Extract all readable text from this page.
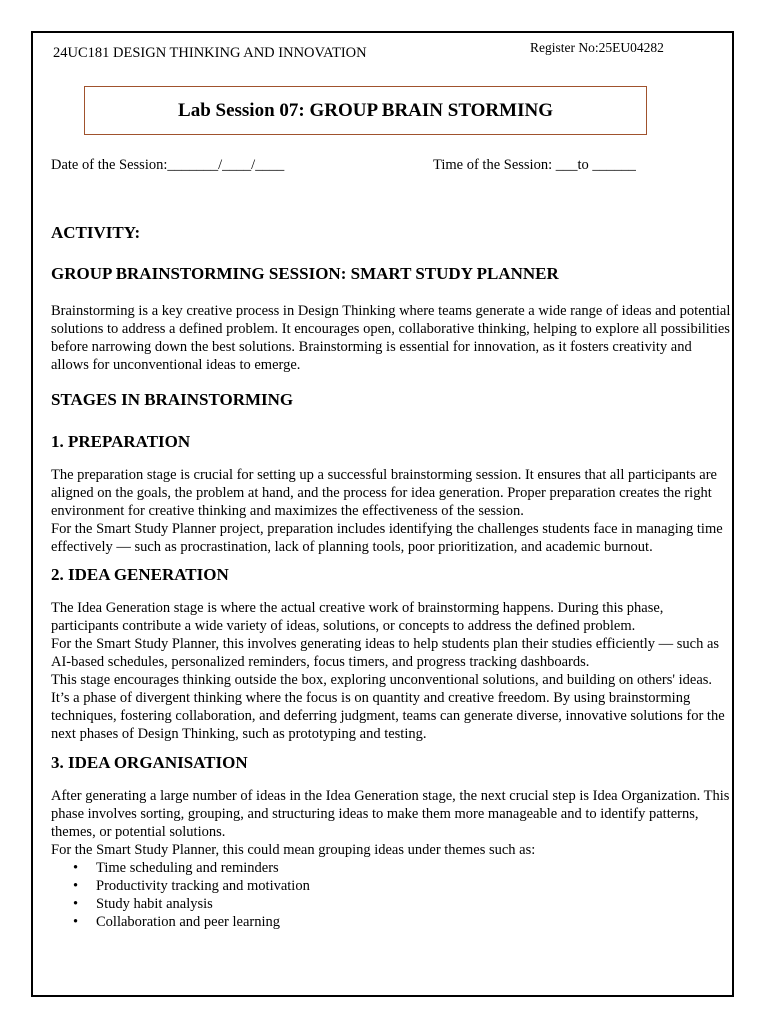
24UC181 DESIGN THINKING AND INNOVATION	Register No:25EU04282
Lab Session 07: GROUP BRAIN STORMING
Date of the Session:_______/____/____	Time of the Session: ___to ______
ACTIVITY:
GROUP BRAINSTORMING SESSION: SMART STUDY PLANNER

Brainstorming is a key creative process in Design Thinking where teams generate a wide range of ideas and potential solutions to address a defined problem. It encourages open, collaborative thinking, helping to explore all possibilities before narrowing down the best solutions. Brainstorming is essential for innovation, as it fosters creativity and allows for unconventional ideas to emerge.

STAGES IN BRAINSTORMING
1. PREPARATION

The preparation stage is crucial for setting up a successful brainstorming session. It ensures that all participants are aligned on the goals, the problem at hand, and the process for idea generation. Proper preparation creates the right environment for creative thinking and maximizes the effectiveness of the session.

For the Smart Study Planner project, preparation includes identifying the challenges students face in managing time effectively — such as procrastination, lack of planning tools, poor prioritization, and academic burnout.

2. IDEA GENERATION

The Idea Generation stage is where the actual creative work of brainstorming happens. During this phase, participants contribute a wide variety of ideas, solutions, or concepts to address the defined problem.

For the Smart Study Planner, this involves generating ideas to help students plan their studies efficiently — such as AI-based schedules, personalized reminders, focus timers, and progress tracking dashboards.

This stage encourages thinking outside the box, exploring unconventional solutions, and building on others' ideas. It’s a phase of divergent thinking where the focus is on quantity and creative freedom. By using brainstorming techniques, fostering collaboration, and deferring judgment, teams can generate diverse, innovative solutions for the next phases of Design Thinking, such as prototyping and testing.

3. IDEA ORGANISATION

After generating a large number of ideas in the Idea Generation stage, the next crucial step is Idea Organization. This phase involves sorting, grouping, and structuring ideas to make them more manageable and to identify patterns, themes, or potential solutions.

For the Smart Study Planner, this could mean grouping ideas under themes such as:

• Time scheduling and reminders
• Productivity tracking and motivation
• Study habit analysis
• Collaboration and peer learning
